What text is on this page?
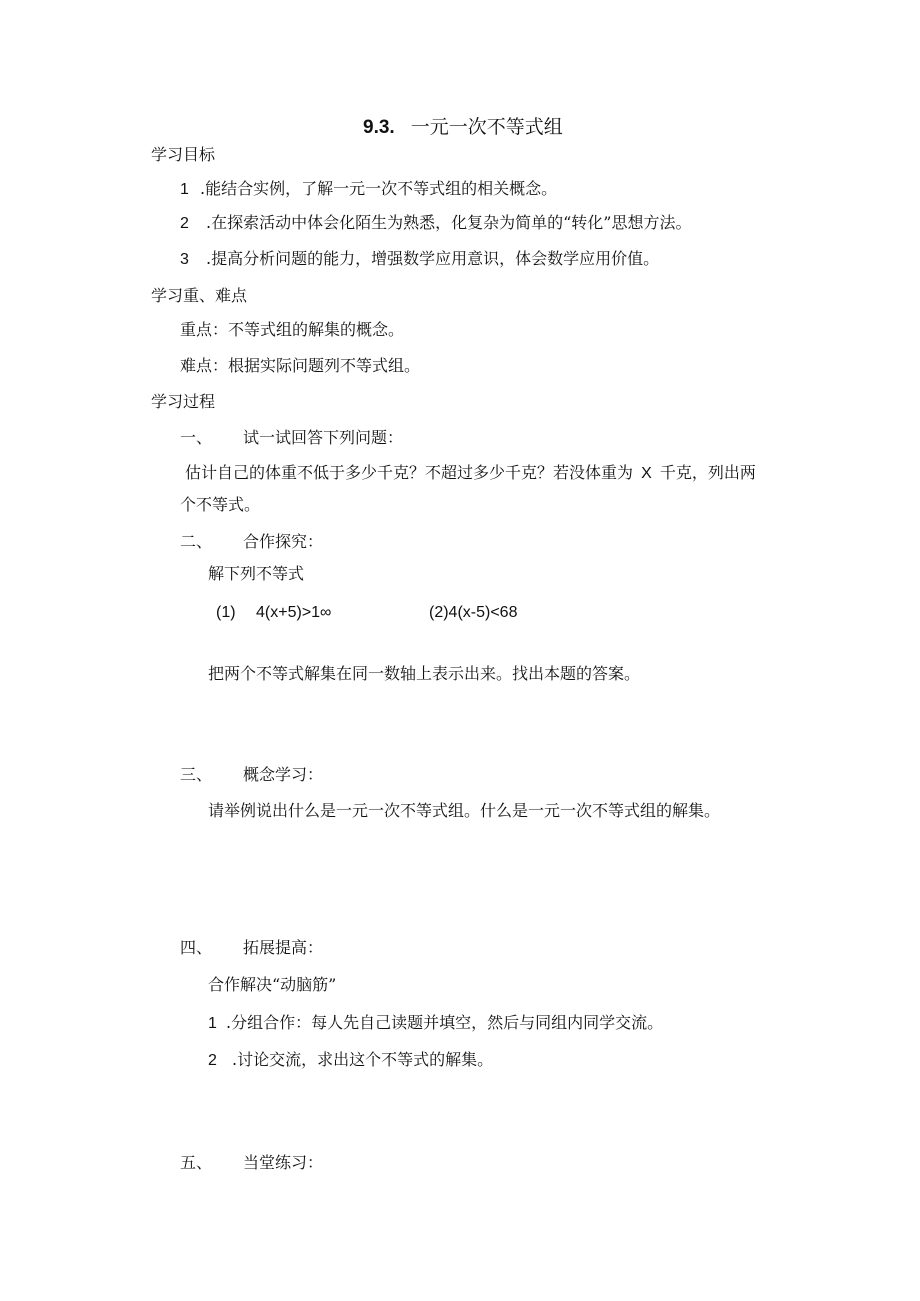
9.3. 一元一次不等式组
学习目标
1 .能结合实例，了解一元一次不等式组的相关概念。
2 .在探索活动中体会化陌生为熟悉，化复杂为简单的“转化”思想方法。
3 .提高分析问题的能力，增强数学应用意识，体会数学应用价值。
学习重、难点
重点：不等式组的解集的概念。
难点：根据实际问题列不等式组。
学习过程
一、 试一试回答下列问题：
估计自己的体重不低于多少千克？不超过多少千克？若没体重为 X 千克，列出两
个不等式。
二、 合作探究：
解下列不等式
(1) 4(x+5)>1∞	(2)4(x-5)<68
把两个不等式解集在同一数轴上表示出来。找出本题的答案。
三、 概念学习：
请举例说出什么是一元一次不等式组。什么是一元一次不等式组的解集。
四、 拓展提高：
合作解决“动脑筋”
1 .分组合作：每人先自己读题并填空，然后与同组内同学交流。
2 .讨论交流，求出这个不等式的解集。
五、 当堂练习：
